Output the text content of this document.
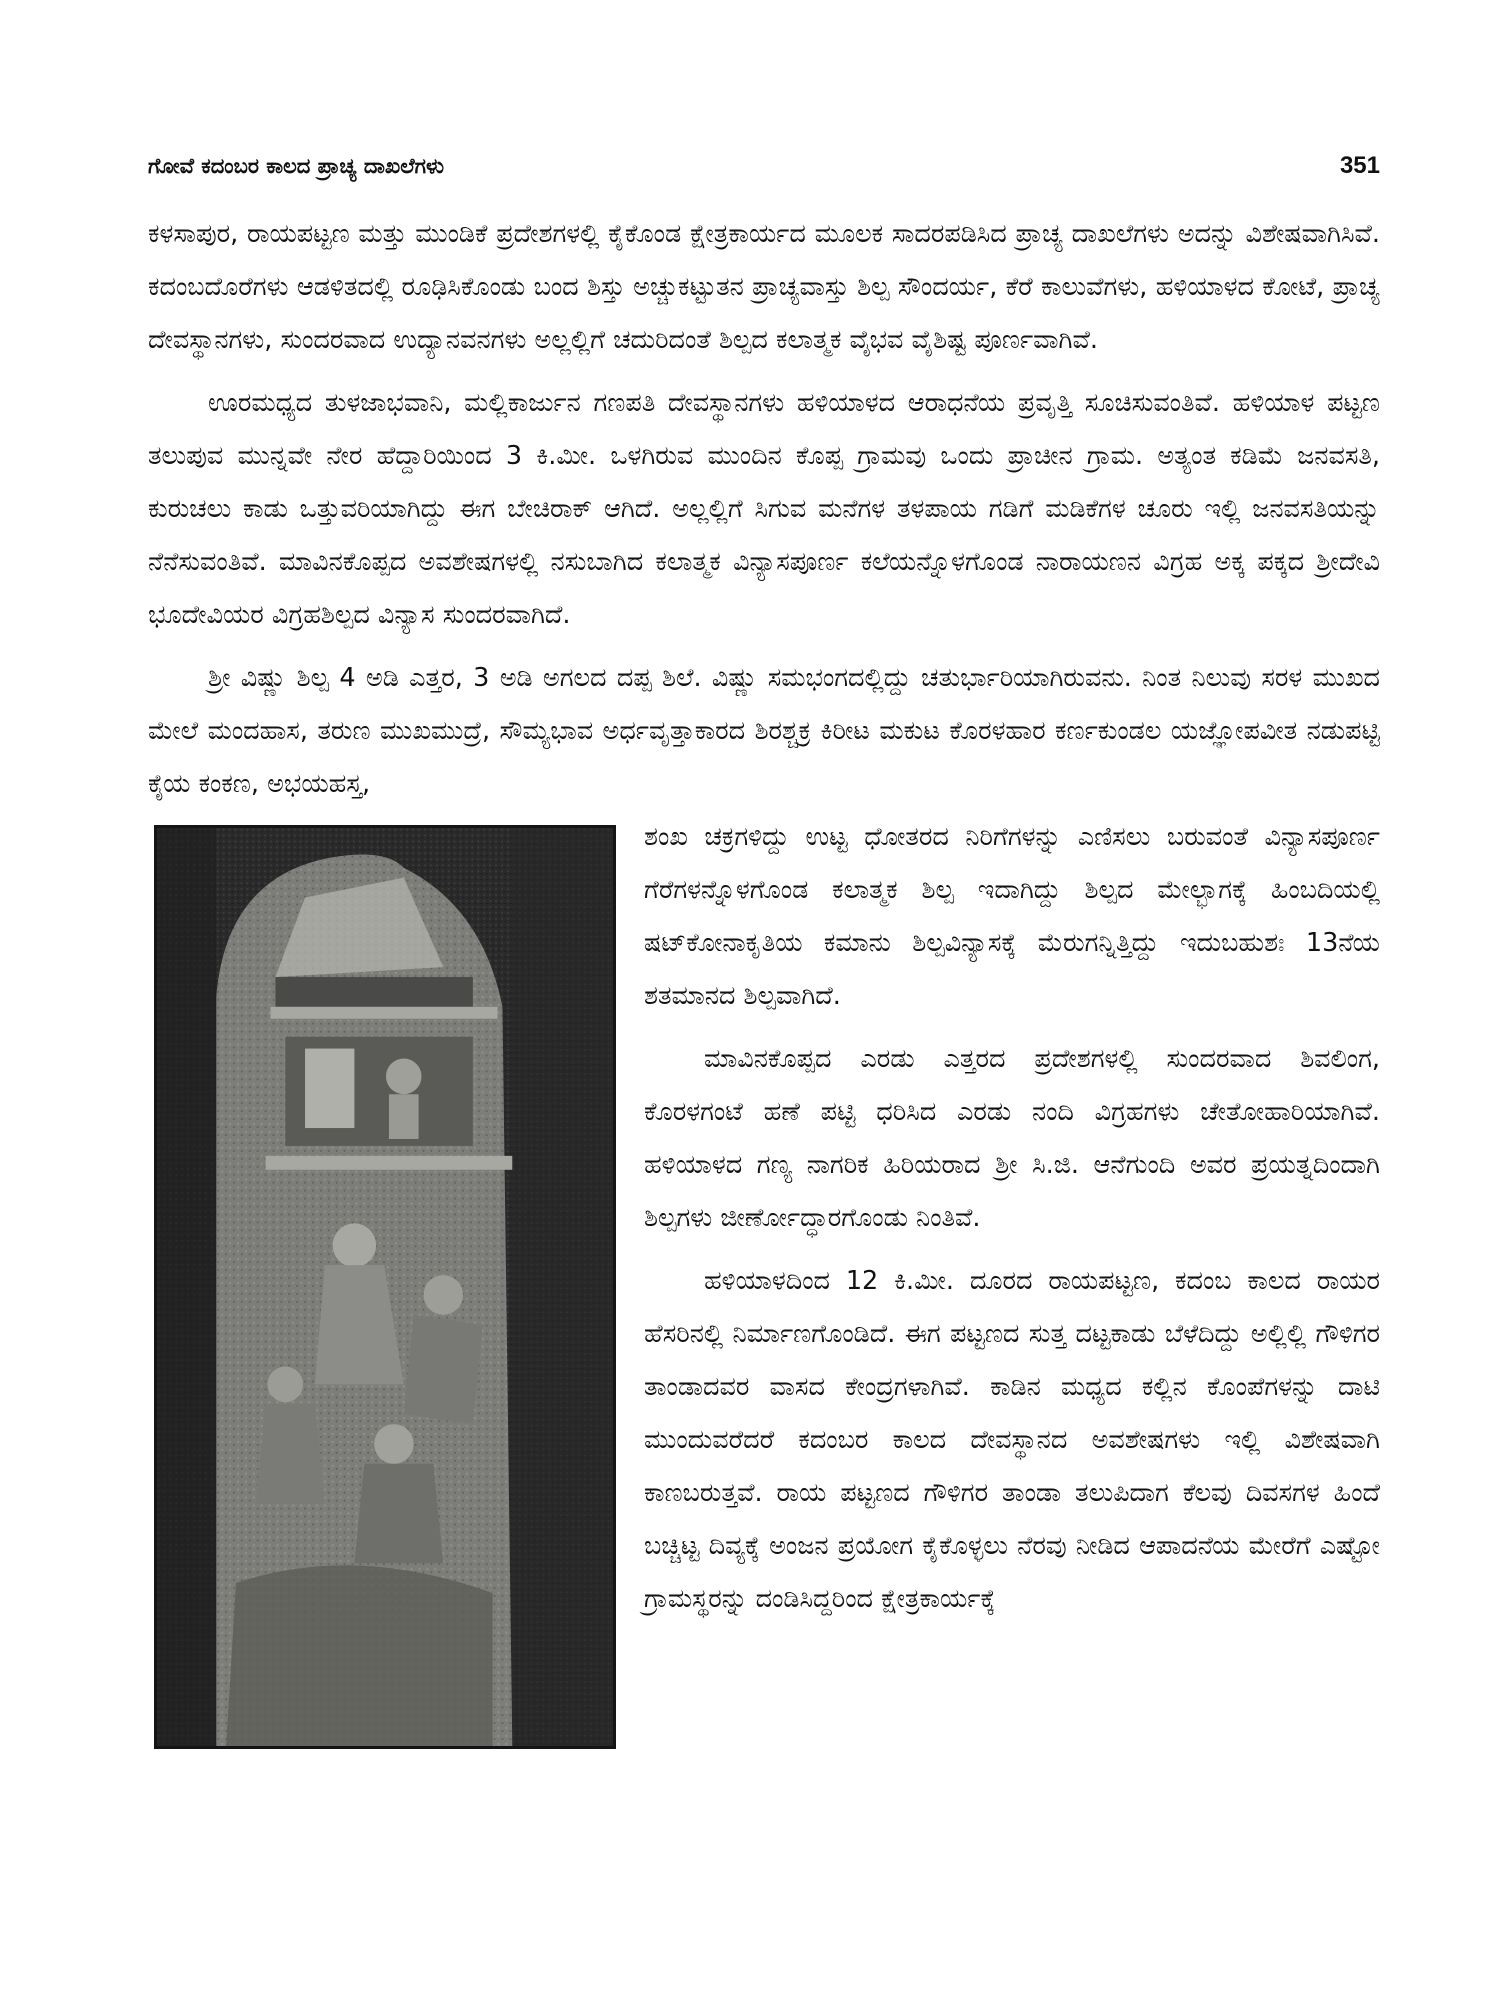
ಗೋವೆ ಕದಂಬರ ಕಾಲದ ಪ್ರಾಚ್ಯ ದಾಖಲೆಗಳು	351

ಕಳಸಾಪುರ, ರಾಯಪಟ್ಟಣ ಮತ್ತು ಮುಂಡಿಕೆ ಪ್ರದೇಶಗಳಲ್ಲಿ ಕೈಕೊಂಡ ಕ್ಷೇತ್ರಕಾರ್ಯದ ಮೂಲಕ ಸಾದರಪಡಿಸಿದ ಪ್ರಾಚ್ಯ ದಾಖಲೆಗಳು ಅದನ್ನು ವಿಶೇಷವಾಗಿಸಿವೆ. ಕದಂಬದೊರೆಗಳು ಆಡಳಿತದಲ್ಲಿ ರೂಢಿಸಿಕೊಂಡು ಬಂದ ಶಿಸ್ತು ಅಚ್ಚುಕಟ್ಟುತನ ಪ್ರಾಚ್ಯವಾಸ್ತು ಶಿಲ್ಪ ಸೌಂದರ್ಯ, ಕೆರೆ ಕಾಲುವೆಗಳು, ಹಳಿಯಾಳದ ಕೋಟೆ, ಪ್ರಾಚ್ಯ ದೇವಸ್ಥಾನಗಳು, ಸುಂದರವಾದ ಉದ್ಯಾನವನಗಳು ಅಲ್ಲಲ್ಲಿಗೆ ಚದುರಿದಂತೆ ಶಿಲ್ಪದ ಕಲಾತ್ಮಕ ವೈಭವ ವೈಶಿಷ್ಟ ಪೂರ್ಣವಾಗಿವೆ.

ಊರಮಧ್ಯದ ತುಳಜಾಭವಾನಿ, ಮಲ್ಲಿಕಾರ್ಜುನ ಗಣಪತಿ ದೇವಸ್ಥಾನಗಳು ಹಳಿಯಾಳದ ಆರಾಧನೆಯ ಪ್ರವೃತ್ತಿ ಸೂಚಿಸುವಂತಿವೆ. ಹಳಿಯಾಳ ಪಟ್ಟಣ ತಲುಪುವ ಮುನ್ನವೇ ನೇರ ಹೆದ್ದಾರಿಯಿಂದ 3 ಕಿ.ಮೀ. ಒಳಗಿರುವ ಮುಂದಿನ ಕೊಪ್ಪ ಗ್ರಾಮವು ಒಂದು ಪ್ರಾಚೀನ ಗ್ರಾಮ. ಅತ್ಯಂತ ಕಡಿಮೆ ಜನವಸತಿ, ಕುರುಚಲು ಕಾಡು ಒತ್ತುವರಿಯಾಗಿದ್ದು ಈಗ ಬೇಚಿರಾಕ್ ಆಗಿದೆ. ಅಲ್ಲಲ್ಲಿಗೆ ಸಿಗುವ ಮನೆಗಳ ತಳಪಾಯ ಗಡಿಗೆ ಮಡಿಕೆಗಳ ಚೂರು ಇಲ್ಲಿ ಜನವಸತಿಯನ್ನು ನೆನೆಸುವಂತಿವೆ. ಮಾವಿನಕೊಪ್ಪದ ಅವಶೇಷಗಳಲ್ಲಿ ನಸುಬಾಗಿದ ಕಲಾತ್ಮಕ ವಿನ್ಯಾಸಪೂರ್ಣ ಕಲೆಯನ್ನೊಳಗೊಂಡ ನಾರಾಯಣನ ವಿಗ್ರಹ ಅಕ್ಕ ಪಕ್ಕದ ಶ್ರೀದೇವಿ ಭೂದೇವಿಯರ ವಿಗ್ರಹಶಿಲ್ಪದ ವಿನ್ಯಾಸ ಸುಂದರವಾಗಿದೆ.

ಶ್ರೀ ವಿಷ್ಣು ಶಿಲ್ಪ 4 ಅಡಿ ಎತ್ತರ, 3 ಅಡಿ ಅಗಲದ ದಪ್ಪ ಶಿಲೆ. ವಿಷ್ಣು ಸಮಭಂಗದಲ್ಲಿದ್ದು ಚತುರ್ಭಾರಿಯಾಗಿರುವನು. ನಿಂತ ನಿಲುವು ಸರಳ ಮುಖದ ಮೇಲೆ ಮಂದಹಾಸ, ತರುಣ ಮುಖಮುದ್ರೆ, ಸೌಮ್ಯಭಾವ ಅರ್ಧವೃತ್ತಾಕಾರದ ಶಿರಶ್ಚಕ್ರ ಕಿರೀಟ ಮಕುಟ ಕೊರಳಹಾರ ಕರ್ಣಕುಂಡಲ ಯಜ್ಞೋಪವೀತ ನಡುಪಟ್ಟಿ ಕೈಯ ಕಂಕಣ, ಅಭಯಹಸ್ತ,

ಶಂಖ ಚಕ್ರಗಳಿದ್ದು ಉಟ್ಟ ಧೋತರದ ನಿರಿಗೆಗಳನ್ನು ಎಣಿಸಲು ಬರುವಂತೆ ವಿನ್ಯಾಸಪೂರ್ಣ ಗೆರೆಗಳನ್ನೊಳಗೊಂಡ ಕಲಾತ್ಮಕ ಶಿಲ್ಪ ಇದಾಗಿದ್ದು ಶಿಲ್ಪದ ಮೇಲ್ಭಾಗಕ್ಕೆ ಹಿಂಬದಿಯಲ್ಲಿ ಷಟ್‌ಕೋನಾಕೃತಿಯ ಕಮಾನು ಶಿಲ್ಪವಿನ್ಯಾಸಕ್ಕೆ ಮೆರುಗನ್ನಿತ್ತಿದ್ದು ಇದುಬಹುಶಃ 13ನೆಯ ಶತಮಾನದ ಶಿಲ್ಪವಾಗಿದೆ.

ಮಾವಿನಕೊಪ್ಪದ ಎರಡು ಎತ್ತರದ ಪ್ರದೇಶಗಳಲ್ಲಿ ಸುಂದರವಾದ ಶಿವಲಿಂಗ, ಕೊರಳಗಂಟೆ ಹಣೆ ಪಟ್ಟಿ ಧರಿಸಿದ ಎರಡು ನಂದಿ ವಿಗ್ರಹಗಳು ಚೇತೋಹಾರಿಯಾಗಿವೆ. ಹಳಿಯಾಳದ ಗಣ್ಯ ನಾಗರಿಕ ಹಿರಿಯರಾದ ಶ್ರೀ ಸಿ.ಜಿ. ಆನೆಗುಂದಿ ಅವರ ಪ್ರಯತ್ನದಿಂದಾಗಿ ಶಿಲ್ಪಗಳು ಜೀರ್ಣೋದ್ಧಾರಗೊಂಡು ನಿಂತಿವೆ.

ಹಳಿಯಾಳದಿಂದ 12 ಕಿ.ಮೀ. ದೂರದ ರಾಯಪಟ್ಟಣ, ಕದಂಬ ಕಾಲದ ರಾಯರ ಹೆಸರಿನಲ್ಲಿ ನಿರ್ಮಾಣಗೊಂಡಿದೆ. ಈಗ ಪಟ್ಟಣದ ಸುತ್ತ ದಟ್ಟಕಾಡು ಬೆಳೆದಿದ್ದು ಅಲ್ಲಿಲ್ಲಿ ಗೌಳಿಗರ ತಾಂಡಾದವರ ವಾಸದ ಕೇಂದ್ರಗಳಾಗಿವೆ. ಕಾಡಿನ ಮಧ್ಯದ ಕಲ್ಲಿನ ಕೊಂಪೆಗಳನ್ನು ದಾಟಿ ಮುಂದುವರೆದರೆ ಕದಂಬರ ಕಾಲದ ದೇವಸ್ಥಾನದ ಅವಶೇಷಗಳು ಇಲ್ಲಿ ವಿಶೇಷವಾಗಿ ಕಾಣಬರುತ್ತವೆ. ರಾಯ ಪಟ್ಟಣದ ಗೌಳಿಗರ ತಾಂಡಾ ತಲುಪಿದಾಗ ಕೆಲವು ದಿವಸಗಳ ಹಿಂದೆ ಬಚ್ಚಿಟ್ಟ ದಿವ್ಯಕ್ಕೆ ಅಂಜನ ಪ್ರಯೋಗ ಕೈಕೊಳ್ಳಲು ನೆರವು ನೀಡಿದ ಆಪಾದನೆಯ ಮೇರೆಗೆ ಎಷ್ಟೋ ಗ್ರಾಮಸ್ಥರನ್ನು ದಂಡಿಸಿದ್ದರಿಂದ ಕ್ಷೇತ್ರಕಾರ್ಯಕ್ಕೆ
